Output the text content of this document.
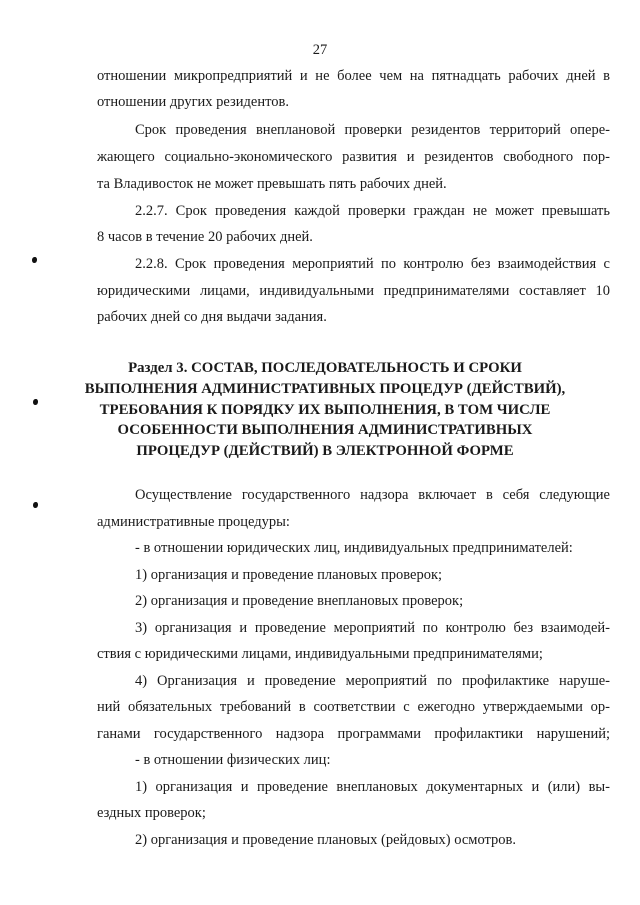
27
отношении микропредприятий и не более чем на пятнадцать рабочих дней в
отношении других резидентов.
Срок проведения внеплановой проверки резидентов территорий опере-
жающего социально-экономического развития и резидентов свободного пор-
та Владивосток не может превышать пять рабочих дней.
2.2.7. Срок проведения каждой проверки граждан не может превышать
8 часов в течение 20 рабочих дней.
2.2.8. Срок проведения мероприятий по контролю без взаимодействия с
юридическими лицами, индивидуальными предпринимателями составляет 10
рабочих дней со дня выдачи задания.
Раздел 3. СОСТАВ, ПОСЛЕДОВАТЕЛЬНОСТЬ И СРОКИ
ВЫПОЛНЕНИЯ АДМИНИСТРАТИВНЫХ ПРОЦЕДУР (ДЕЙСТВИЙ),
ТРЕБОВАНИЯ К ПОРЯДКУ ИХ ВЫПОЛНЕНИЯ, В ТОМ ЧИСЛЕ
ОСОБЕННОСТИ ВЫПОЛНЕНИЯ АДМИНИСТРАТИВНЫХ
ПРОЦЕДУР (ДЕЙСТВИЙ) В ЭЛЕКТРОННОЙ ФОРМЕ
Осуществление государственного надзора включает в себя следующие
административные процедуры:
- в отношении юридических лиц, индивидуальных предпринимателей:
1) организация и проведение плановых проверок;
2) организация и проведение внеплановых проверок;
3) организация и проведение мероприятий по контролю без взаимодей-
ствия с юридическими лицами, индивидуальными предпринимателями;
4) Организация и проведение мероприятий по профилактике наруше-
ний обязательных требований в соответствии с ежегодно утверждаемыми ор-
ганами государственного надзора программами профилактики нарушений;
- в отношении физических лиц:
1) организация и проведение внеплановых документарных и (или) вы-
ездных проверок;
2) организация и проведение плановых (рейдовых) осмотров.
